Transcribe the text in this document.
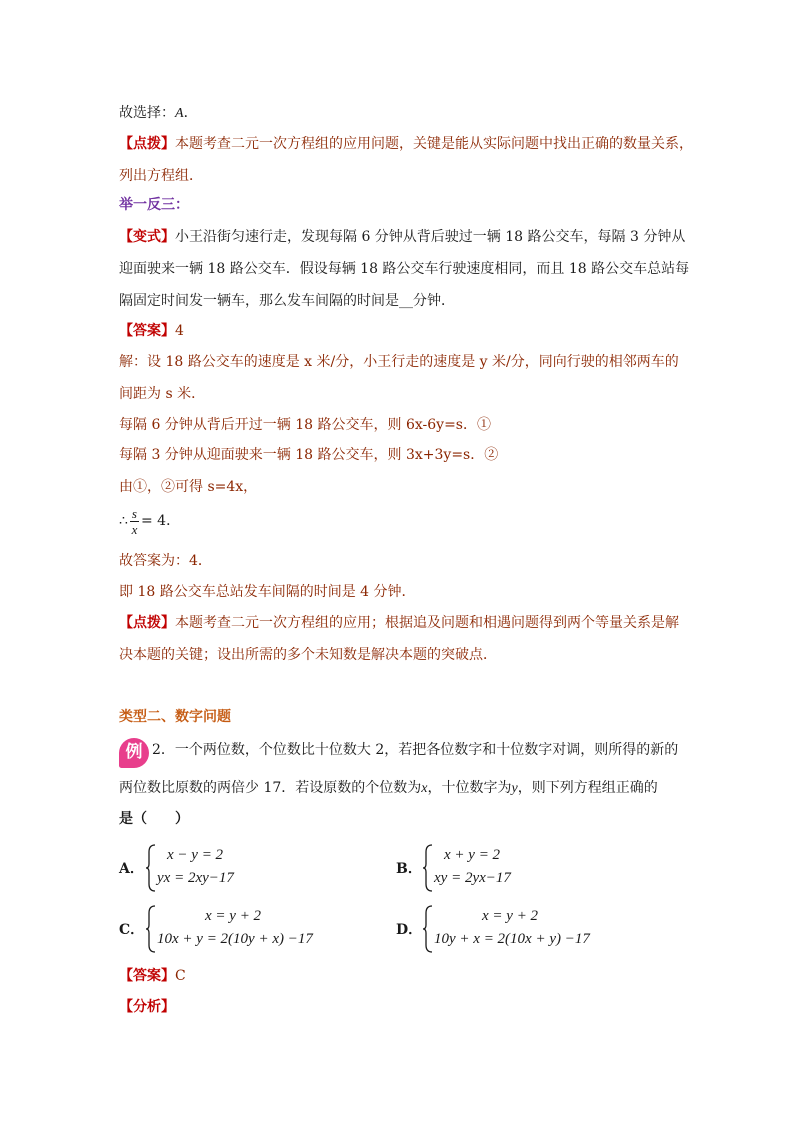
故选择：A．
【点拨】本题考查二元一次方程组的应用问题，关键是能从实际问题中找出正确的数量关系，
列出方程组．
举一反三：
【变式】小王沿街匀速行走，发现每隔 6 分钟从背后驶过一辆 18 路公交车，每隔 3 分钟从
迎面驶来一辆 18 路公交车．假设每辆 18 路公交车行驶速度相同，而且 18 路公交车总站每
隔固定时间发一辆车，那么发车间隔的时间是__分钟．
【答案】4
解：设 18 路公交车的速度是 x 米/分，小王行走的速度是 y 米/分，同向行驶的相邻两车的
间距为 s 米．
每隔 6 分钟从背后开过一辆 18 路公交车，则 6x-6y=s．①
每隔 3 分钟从迎面驶来一辆 18 路公交车，则 3x+3y=s．②
由①，②可得 s=4x，
∴ $\frac{s}{x} = 4$．
故答案为：4．
即 18 路公交车总站发车间隔的时间是 4 分钟．
【点拨】本题考查二元一次方程组的应用；根据追及问题和相遇问题得到两个等量关系是解
决本题的关键；设出所需的多个未知数是解决本题的突破点．
类型二、数字问题
例 2．一个两位数，个位数比十位数大 2，若把各位数字和十位数字对调，则所得的新的
两位数比原数的两倍少 17．若设原数的个位数为x，十位数字为y，则下列方程组正确的
是（　　）
A．
x − y = 2
yx = 2xy−17
B．
x + y = 2
xy = 2yx−17
C．
x = y + 2
10x + y = 2(10y + x) −17
D．
x = y + 2
10y + x = 2(10x + y) −17
【答案】C
【分析】
